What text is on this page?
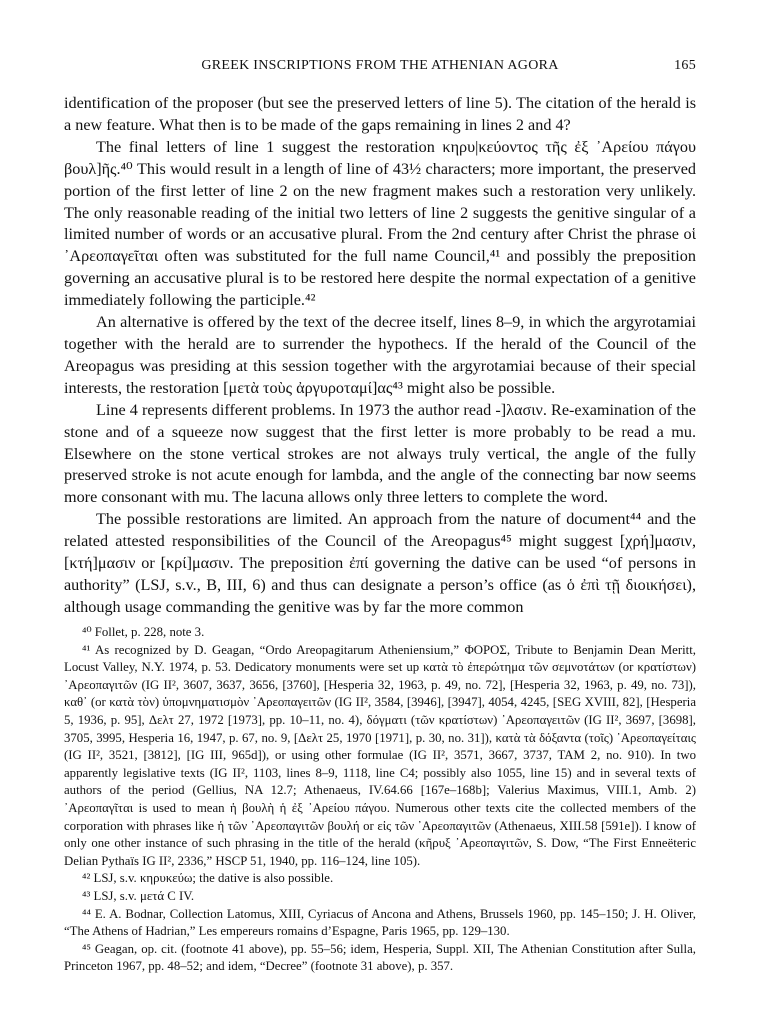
GREEK INSCRIPTIONS FROM THE ATHENIAN AGORA	165

identification of the proposer (but see the preserved letters of line 5). The citation of the herald is a new feature. What then is to be made of the gaps remaining in lines 2 and 4?

The final letters of line 1 suggest the restoration κηρυ|κεύοντος τῆς ἐξ ᾿Αρείου πάγου βουλ]ῆς.⁴⁰ This would result in a length of line of 43½ characters; more important, the preserved portion of the first letter of line 2 on the new fragment makes such a restoration very unlikely. The only reasonable reading of the initial two letters of line 2 suggests the genitive singular of a limited number of words or an accusative plural. From the 2nd century after Christ the phrase οἱ ᾿Αρεοπαγεῖται often was substituted for the full name Council,⁴¹ and possibly the preposition governing an accusative plural is to be restored here despite the normal expectation of a genitive immediately following the participle.⁴²

An alternative is offered by the text of the decree itself, lines 8–9, in which the argyrotamiai together with the herald are to surrender the hypothecs. If the herald of the Council of the Areopagus was presiding at this session together with the argyrotamiai because of their special interests, the restoration [μετὰ τοὺς ἀργυροταμί]ας⁴³ might also be possible.

Line 4 represents different problems. In 1973 the author read -]λασιν. Re-examination of the stone and of a squeeze now suggest that the first letter is more probably to be read a mu. Elsewhere on the stone vertical strokes are not always truly vertical, the angle of the fully preserved stroke is not acute enough for lambda, and the angle of the connecting bar now seems more consonant with mu. The lacuna allows only three letters to complete the word.

The possible restorations are limited. An approach from the nature of document⁴⁴ and the related attested responsibilities of the Council of the Areopagus⁴⁵ might suggest [χρή]μασιν, [κτή]μασιν or [κρί]μασιν. The preposition ἐπί governing the dative can be used “of persons in authority” (LSJ, s.v., B, III, 6) and thus can designate a person’s office (as ὁ ἐπὶ τῇ διοικήσει), although usage commanding the genitive was by far the more common

⁴⁰ Follet, p. 228, note 3.

⁴¹ As recognized by D. Geagan, “Ordo Areopagitarum Atheniensium,” ΦΟΡΟΣ, Tribute to Benjamin Dean Meritt, Locust Valley, N.Y. 1974, p. 53. Dedicatory monuments were set up κατὰ τὸ ἐπερώτημα τῶν σεμνοτάτων (or κρατίστων) ᾿Αρεοπαγιτῶν (IG II², 3607, 3637, 3656, [3760], [Hesperia 32, 1963, p. 49, no. 72], [Hesperia 32, 1963, p. 49, no. 73]), καθ᾿ (or κατὰ τὸν) ὑπομνηματισμὸν ᾿Αρεοπαγειτῶν (IG II², 3584, [3946], [3947], 4054, 4245, [SEG XVIII, 82], [Hesperia 5, 1936, p. 95], Δελτ 27, 1972 [1973], pp. 10–11, no. 4), δόγματι (τῶν κρατίστων) ᾿Αρεοπαγειτῶν (IG II², 3697, [3698], 3705, 3995, Hesperia 16, 1947, p. 67, no. 9, [Δελτ 25, 1970 [1971], p. 30, no. 31]), κατὰ τὰ δόξαντα (τοῖς) ᾿Αρεοπαγείταις (IG II², 3521, [3812], [IG III, 965d]), or using other formulae (IG II², 3571, 3667, 3737, TAM 2, no. 910). In two apparently legislative texts (IG II², 1103, lines 8–9, 1118, line C4; possibly also 1055, line 15) and in several texts of authors of the period (Gellius, NA 12.7; Athenaeus, IV.64.66 [167e–168b]; Valerius Maximus, VIII.1, Amb. 2) ᾿Αρεοπαγῖται is used to mean ἡ βουλὴ ἡ ἐξ ᾿Αρείου πάγου. Numerous other texts cite the collected members of the corporation with phrases like ἡ τῶν ᾿Αρεοπαγιτῶν βουλή or εἰς τῶν ᾿Αρεοπαγιτῶν (Athenaeus, XIII.58 [591e]). I know of only one other instance of such phrasing in the title of the herald (κῆρυξ ᾿Αρεοπαγιτῶν, S. Dow, “The First Enneëteric Delian Pythaïs IG II², 2336,” HSCP 51, 1940, pp. 116–124, line 105).

⁴² LSJ, s.v. κηρυκεύω; the dative is also possible.

⁴³ LSJ, s.v. μετά C IV.

⁴⁴ E. A. Bodnar, Collection Latomus, XIII, Cyriacus of Ancona and Athens, Brussels 1960, pp. 145–150; J. H. Oliver, “The Athens of Hadrian,” Les empereurs romains d’Espagne, Paris 1965, pp. 129–130.

⁴⁵ Geagan, op. cit. (footnote 41 above), pp. 55–56; idem, Hesperia, Suppl. XII, The Athenian Constitution after Sulla, Princeton 1967, pp. 48–52; and idem, “Decree” (footnote 31 above), p. 357.
